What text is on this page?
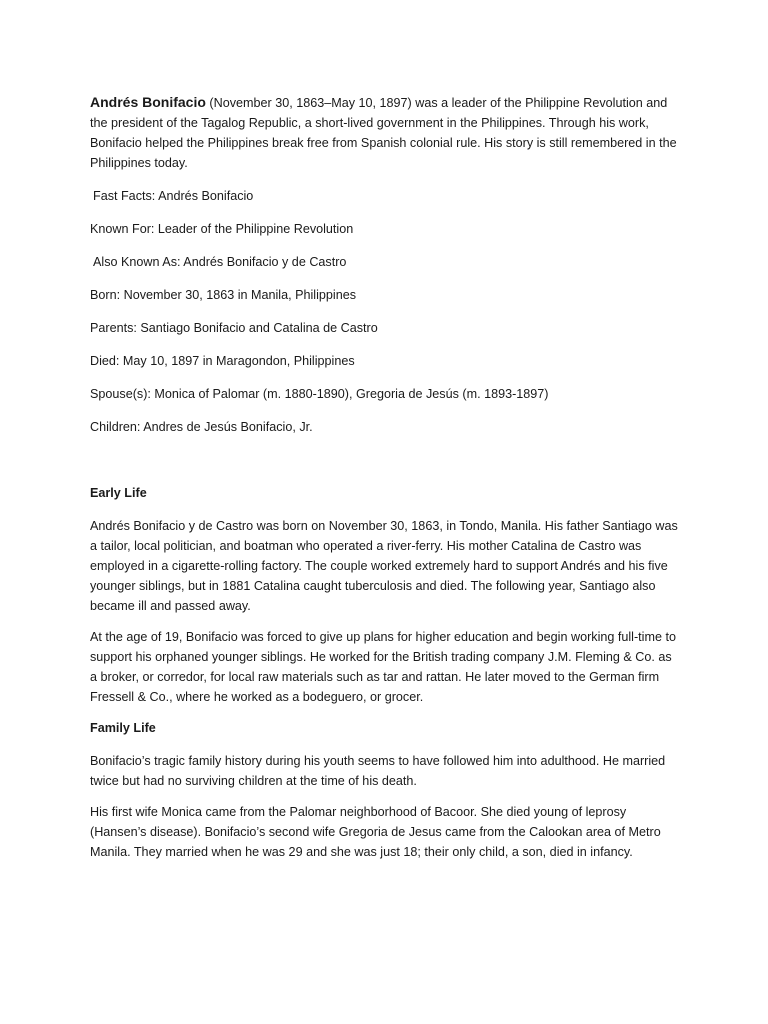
Andrés Bonifacio (November 30, 1863–May 10, 1897) was a leader of the Philippine Revolution and the president of the Tagalog Republic, a short-lived government in the Philippines. Through his work, Bonifacio helped the Philippines break free from Spanish colonial rule. His story is still remembered in the Philippines today.

Fast Facts: Andrés Bonifacio

Known For: Leader of the Philippine Revolution

Also Known As: Andrés Bonifacio y de Castro

Born: November 30, 1863 in Manila, Philippines

Parents: Santiago Bonifacio and Catalina de Castro

Died: May 10, 1897 in Maragondon, Philippines

Spouse(s): Monica of Palomar (m. 1880-1890), Gregoria de Jesús (m. 1893-1897)

Children: Andres de Jesús Bonifacio, Jr.

Early Life

Andrés Bonifacio y de Castro was born on November 30, 1863, in Tondo, Manila. His father Santiago was a tailor, local politician, and boatman who operated a river-ferry. His mother Catalina de Castro was employed in a cigarette-rolling factory. The couple worked extremely hard to support Andrés and his five younger siblings, but in 1881 Catalina caught tuberculosis and died. The following year, Santiago also became ill and passed away.

At the age of 19, Bonifacio was forced to give up plans for higher education and begin working full-time to support his orphaned younger siblings. He worked for the British trading company J.M. Fleming & Co. as a broker, or corredor, for local raw materials such as tar and rattan. He later moved to the German firm Fressell & Co., where he worked as a bodeguero, or grocer.

Family Life

Bonifacio’s tragic family history during his youth seems to have followed him into adulthood. He married twice but had no surviving children at the time of his death.

His first wife Monica came from the Palomar neighborhood of Bacoor. She died young of leprosy (Hansen’s disease). Bonifacio’s second wife Gregoria de Jesus came from the Calookan area of Metro Manila. They married when he was 29 and she was just 18; their only child, a son, died in infancy.
